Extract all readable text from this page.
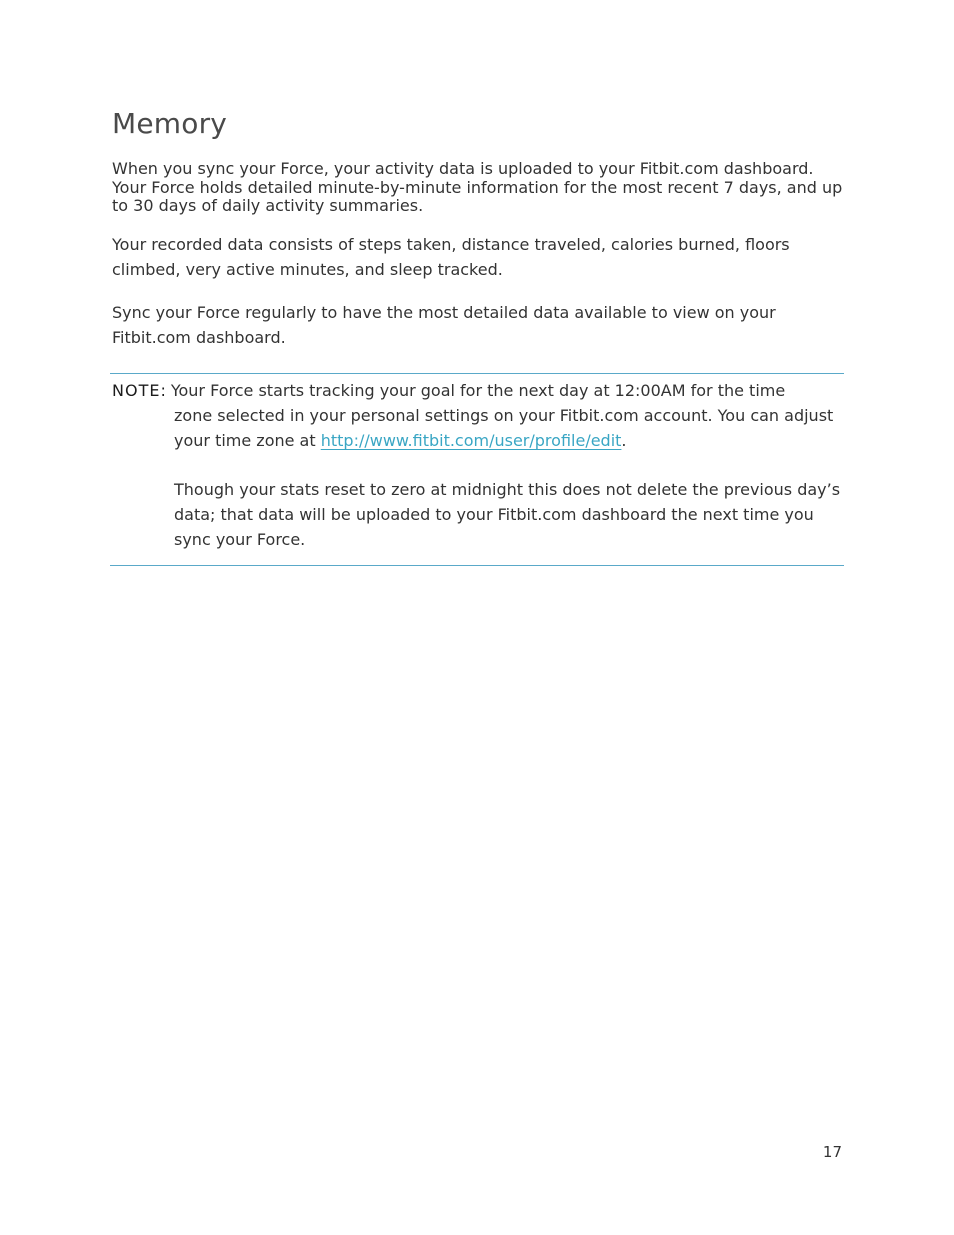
Memory

When you sync your Force, your activity data is uploaded to your Fitbit.com dashboard. Your Force holds detailed minute-by-minute information for the most recent 7 days, and up to 30 days of daily activity summaries.

Your recorded data consists of steps taken, distance traveled, calories burned, floors climbed, very active minutes, and sleep tracked.

Sync your Force regularly to have the most detailed data available to view on your Fitbit.com dashboard.

NOTE: Your Force starts tracking your goal for the next day at 12:00AM for the time

zone selected in your personal settings on your Fitbit.com account. You can adjust your time zone at http://www.fitbit.com/user/profile/edit.

Though your stats reset to zero at midnight this does not delete the previous day’s data; that data will be uploaded to your Fitbit.com dashboard the next time you sync your Force.

17
